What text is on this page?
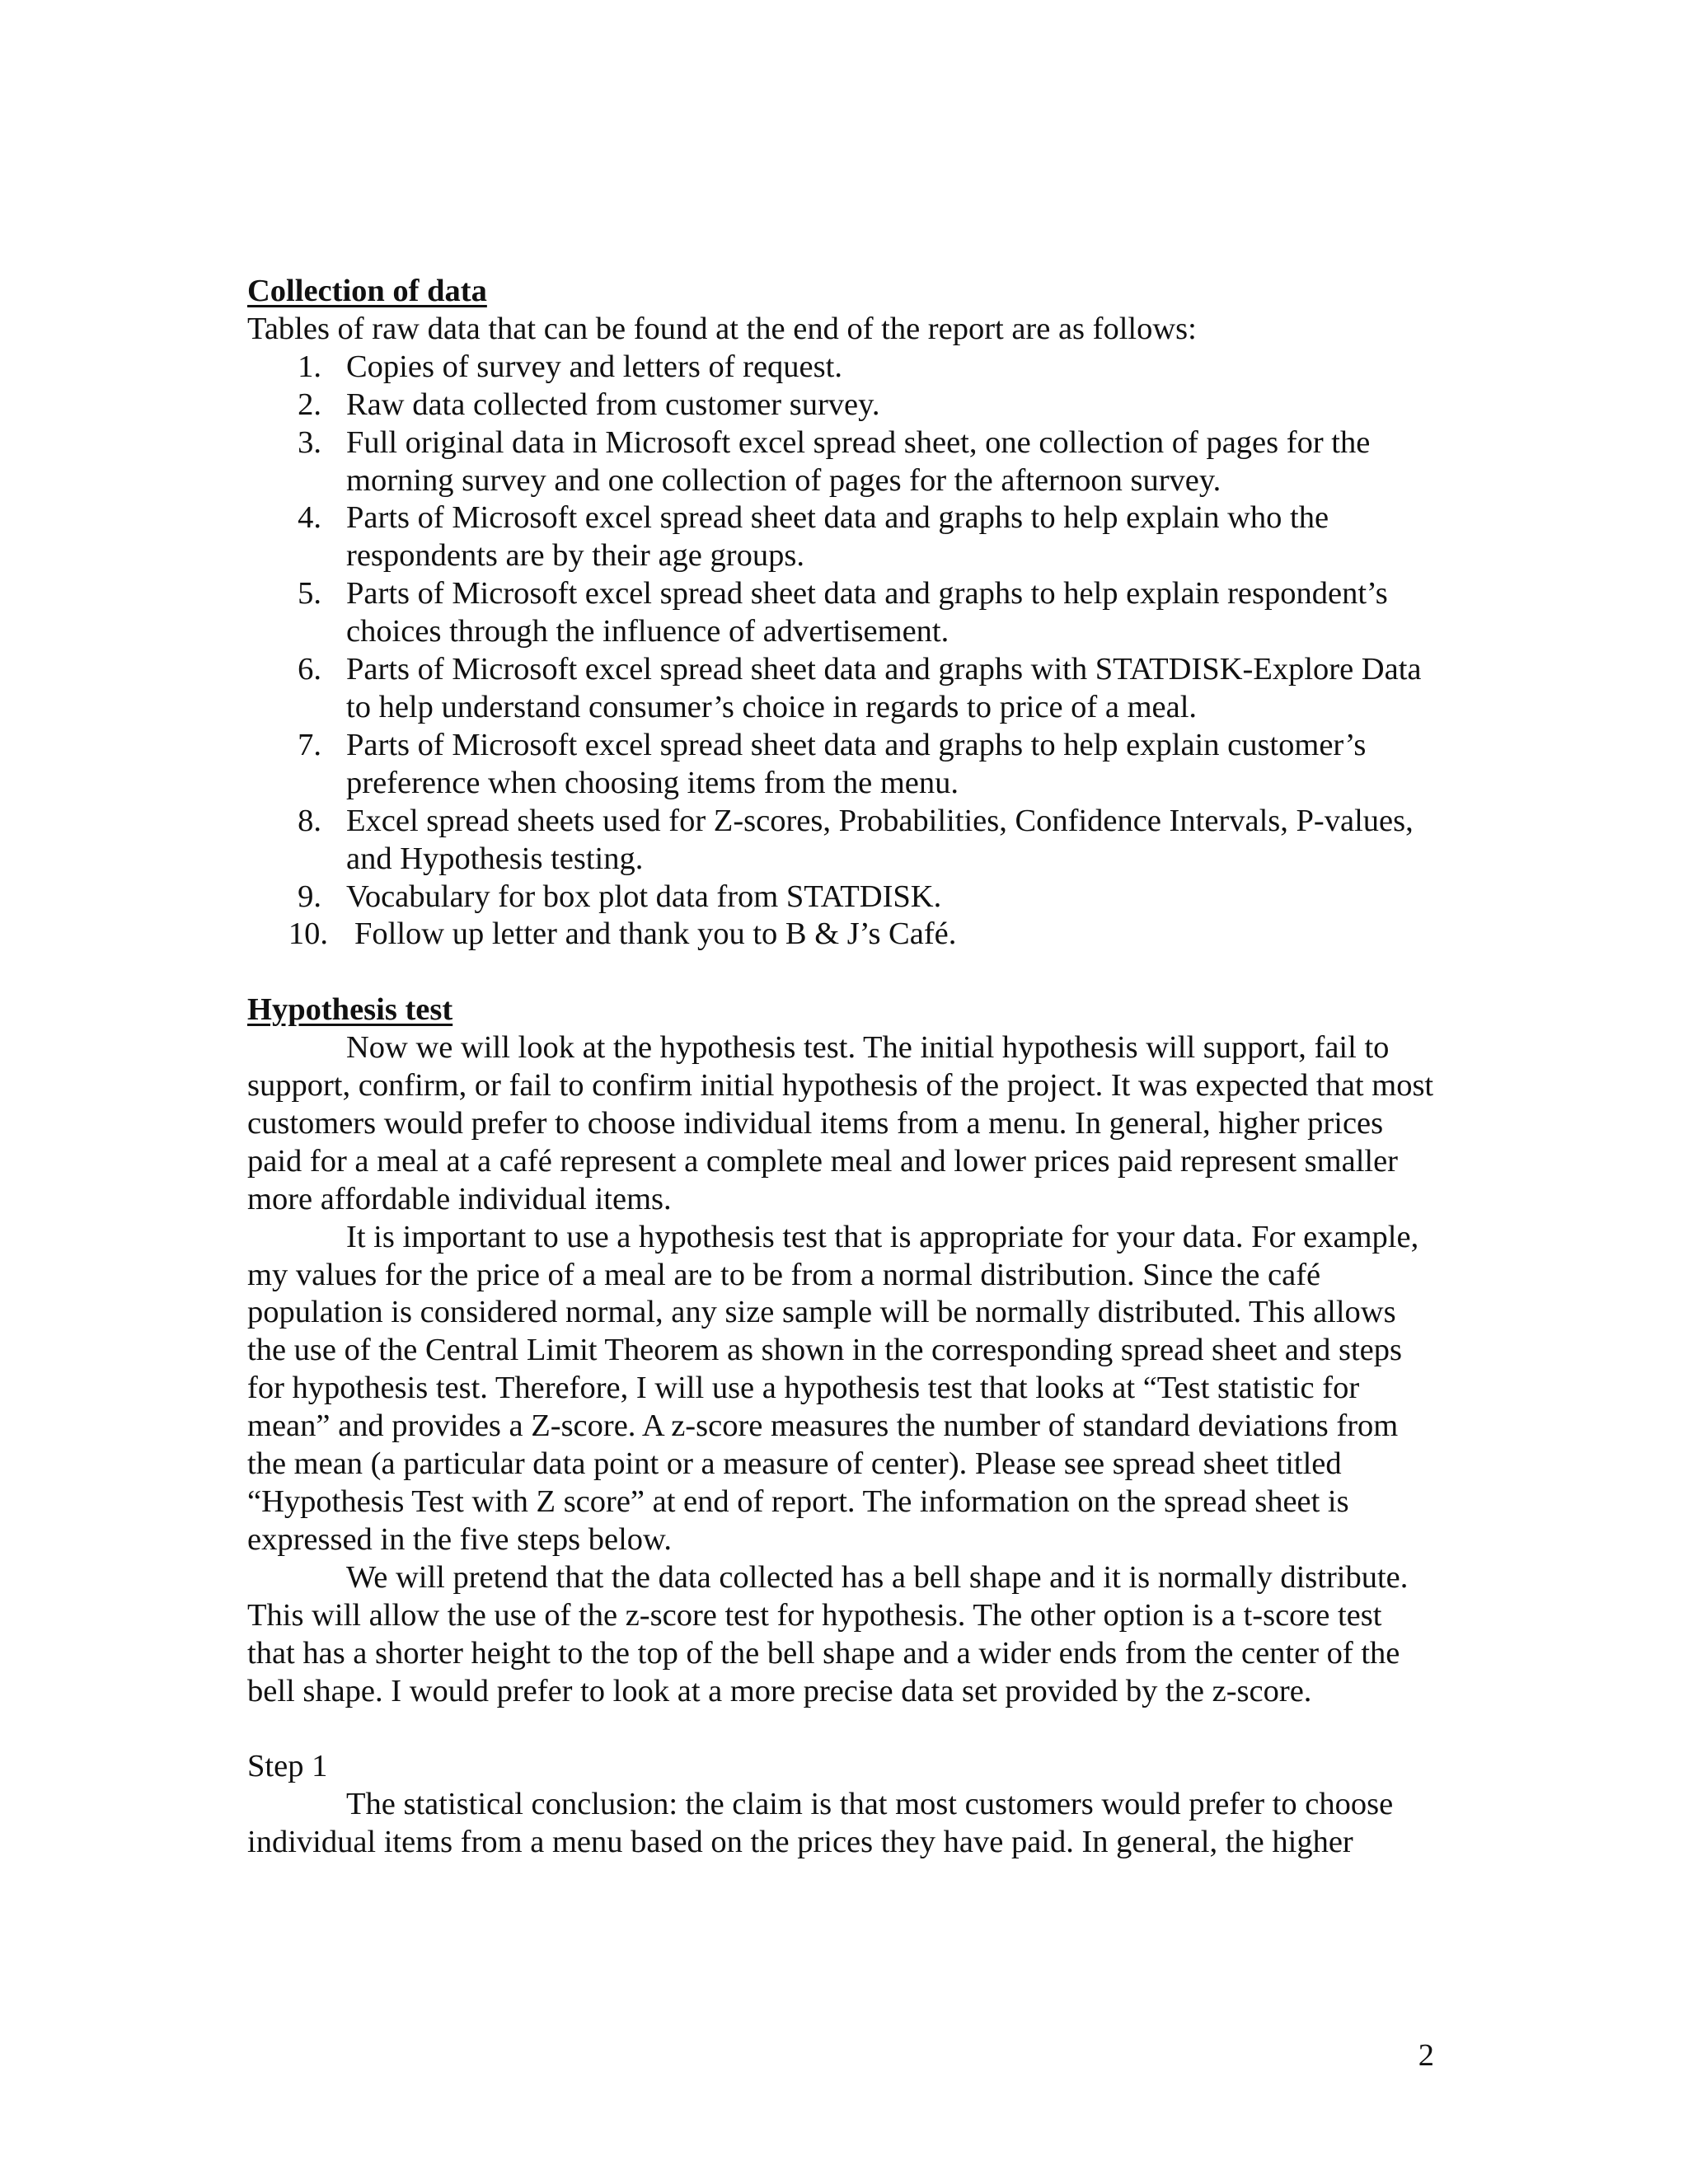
Collection of data

Tables of raw data that can be found at the end of the report are as follows:

1. Copies of survey and letters of request.
2. Raw data collected from customer survey.
3. Full original data in Microsoft excel spread sheet, one collection of pages for the morning survey and one collection of pages for the afternoon survey.
4. Parts of Microsoft excel spread sheet data and graphs to help explain who the respondents are by their age groups.
5. Parts of Microsoft excel spread sheet data and graphs to help explain respondent’s choices through the influence of advertisement.
6. Parts of Microsoft excel spread sheet data and graphs with STATDISK-Explore Data to help understand consumer’s choice in regards to price of a meal.
7. Parts of Microsoft excel spread sheet data and graphs to help explain customer’s preference when choosing items from the menu.
8. Excel spread sheets used for Z-scores, Probabilities, Confidence Intervals, P-values, and Hypothesis testing.
9. Vocabulary for box plot data from STATDISK.
10. Follow up letter and thank you to B & J’s Café.
Hypothesis test

Now we will look at the hypothesis test. The initial hypothesis will support, fail to support, confirm, or fail to confirm initial hypothesis of the project. It was expected that most customers would prefer to choose individual items from a menu. In general, higher prices paid for a meal at a café represent a complete meal and lower prices paid represent smaller more affordable individual items.

It is important to use a hypothesis test that is appropriate for your data. For example, my values for the price of a meal are to be from a normal distribution. Since the café population is considered normal, any size sample will be normally distributed. This allows the use of the Central Limit Theorem as shown in the corresponding spread sheet and steps for hypothesis test. Therefore, I will use a hypothesis test that looks at “Test statistic for mean” and provides a Z-score. A z-score measures the number of standard deviations from the mean (a particular data point or a measure of center). Please see spread sheet titled “Hypothesis Test with Z score” at end of report. The information on the spread sheet is expressed in the five steps below.

We will pretend that the data collected has a bell shape and it is normally distribute. This will allow the use of the z-score test for hypothesis. The other option is a t-score test that has a shorter height to the top of the bell shape and a wider ends from the center of the bell shape. I would prefer to look at a more precise data set provided by the z-score.

Step 1

The statistical conclusion: the claim is that most customers would prefer to choose individual items from a menu based on the prices they have paid. In general, the higher

2
